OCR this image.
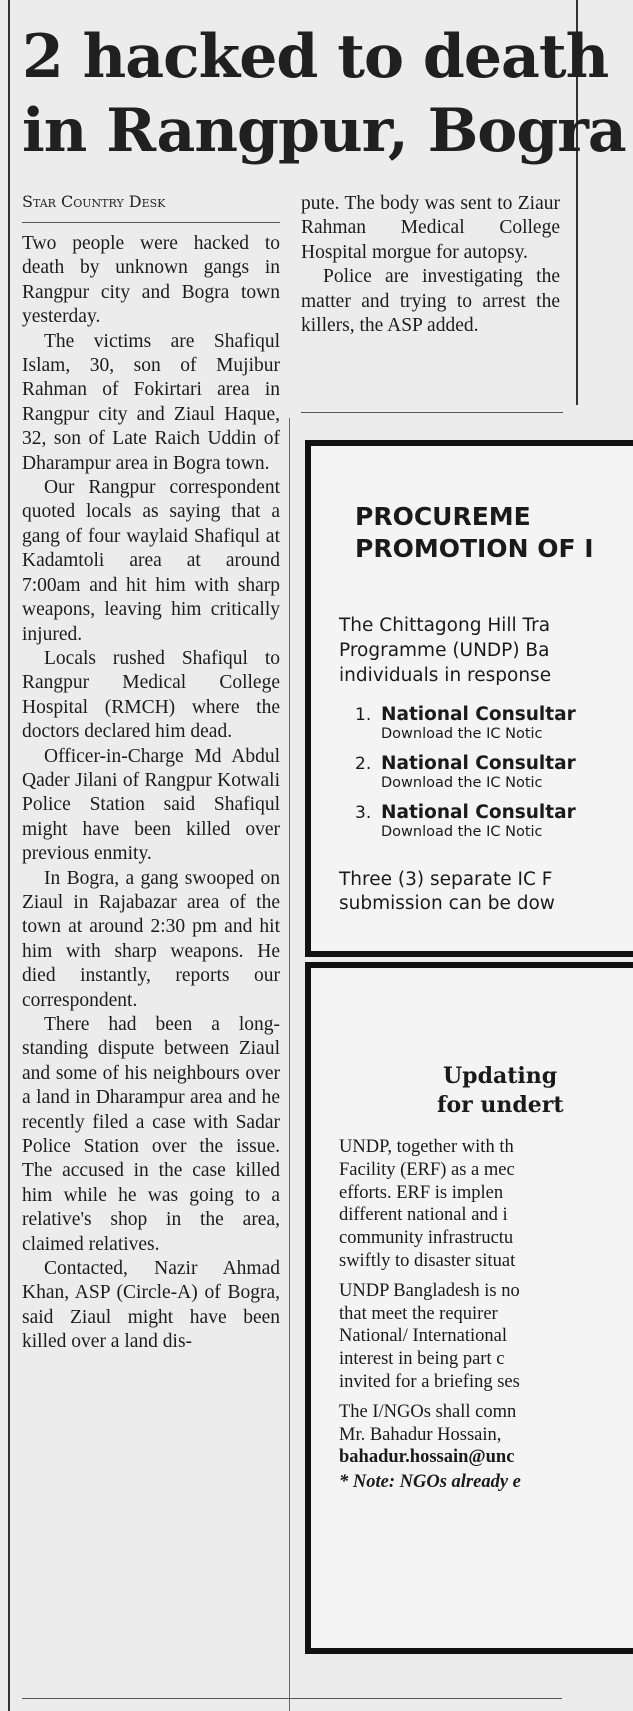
2 hacked to death
in Rangpur, Bogra
Star Country Desk

Two people were hacked to death by unknown gangs in Rangpur city and Bogra town yesterday.

The victims are Shafiqul Islam, 30, son of Mujibur Rahman of Fokirtari area in Rangpur city and Ziaul Haque, 32, son of Late Raich Uddin of Dharampur area in Bogra town.

Our Rangpur correspondent quoted locals as saying that a gang of four waylaid Shafiqul at Kadamtoli area at around 7:00am and hit him with sharp weapons, leaving him critically injured.

Locals rushed Shafiqul to Rangpur Medical College Hospital (RMCH) where the doctors declared him dead.

Officer-in-Charge Md Abdul Qader Jilani of Rangpur Kotwali Police Station said Shafiqul might have been killed over previous enmity.

In Bogra, a gang swooped on Ziaul in Rajabazar area of the town at around 2:30 pm and hit him with sharp weapons. He died instantly, reports our correspondent.

There had been a long-standing dispute between Ziaul and some of his neighbours over a land in Dharampur area and he recently filed a case with Sadar Police Station over the issue. The accused in the case killed him while he was going to a relative's shop in the area, claimed relatives.

Contacted, Nazir Ahmad Khan, ASP (Circle-A) of Bogra, said Ziaul might have been killed over a land dis-

pute. The body was sent to Ziaur Rahman Medical College Hospital morgue for autopsy.

Police are investigating the matter and trying to arrest the killers, the ASP added.

PROCUREME
PROMOTION OF I
The Chittagong Hill Tra
Programme (UNDP) Ba
individuals in response
1. National Consultar
Download the IC Notic
2. National Consultar
Download the IC Notic
3. National Consultar
Download the IC Notic
Three (3) separate IC F
submission can be dow
Updating
for undert
UNDP, together with th
Facility (ERF) as a mec
efforts. ERF is implen
different national and i
community infrastructu
swiftly to disaster situat
UNDP Bangladesh is no
that meet the requirer
National/ International
interest in being part c
invited for a briefing ses
The I/NGOs shall comn
Mr. Bahadur Hossain,
bahadur.hossain@unc
* Note: NGOs already e
